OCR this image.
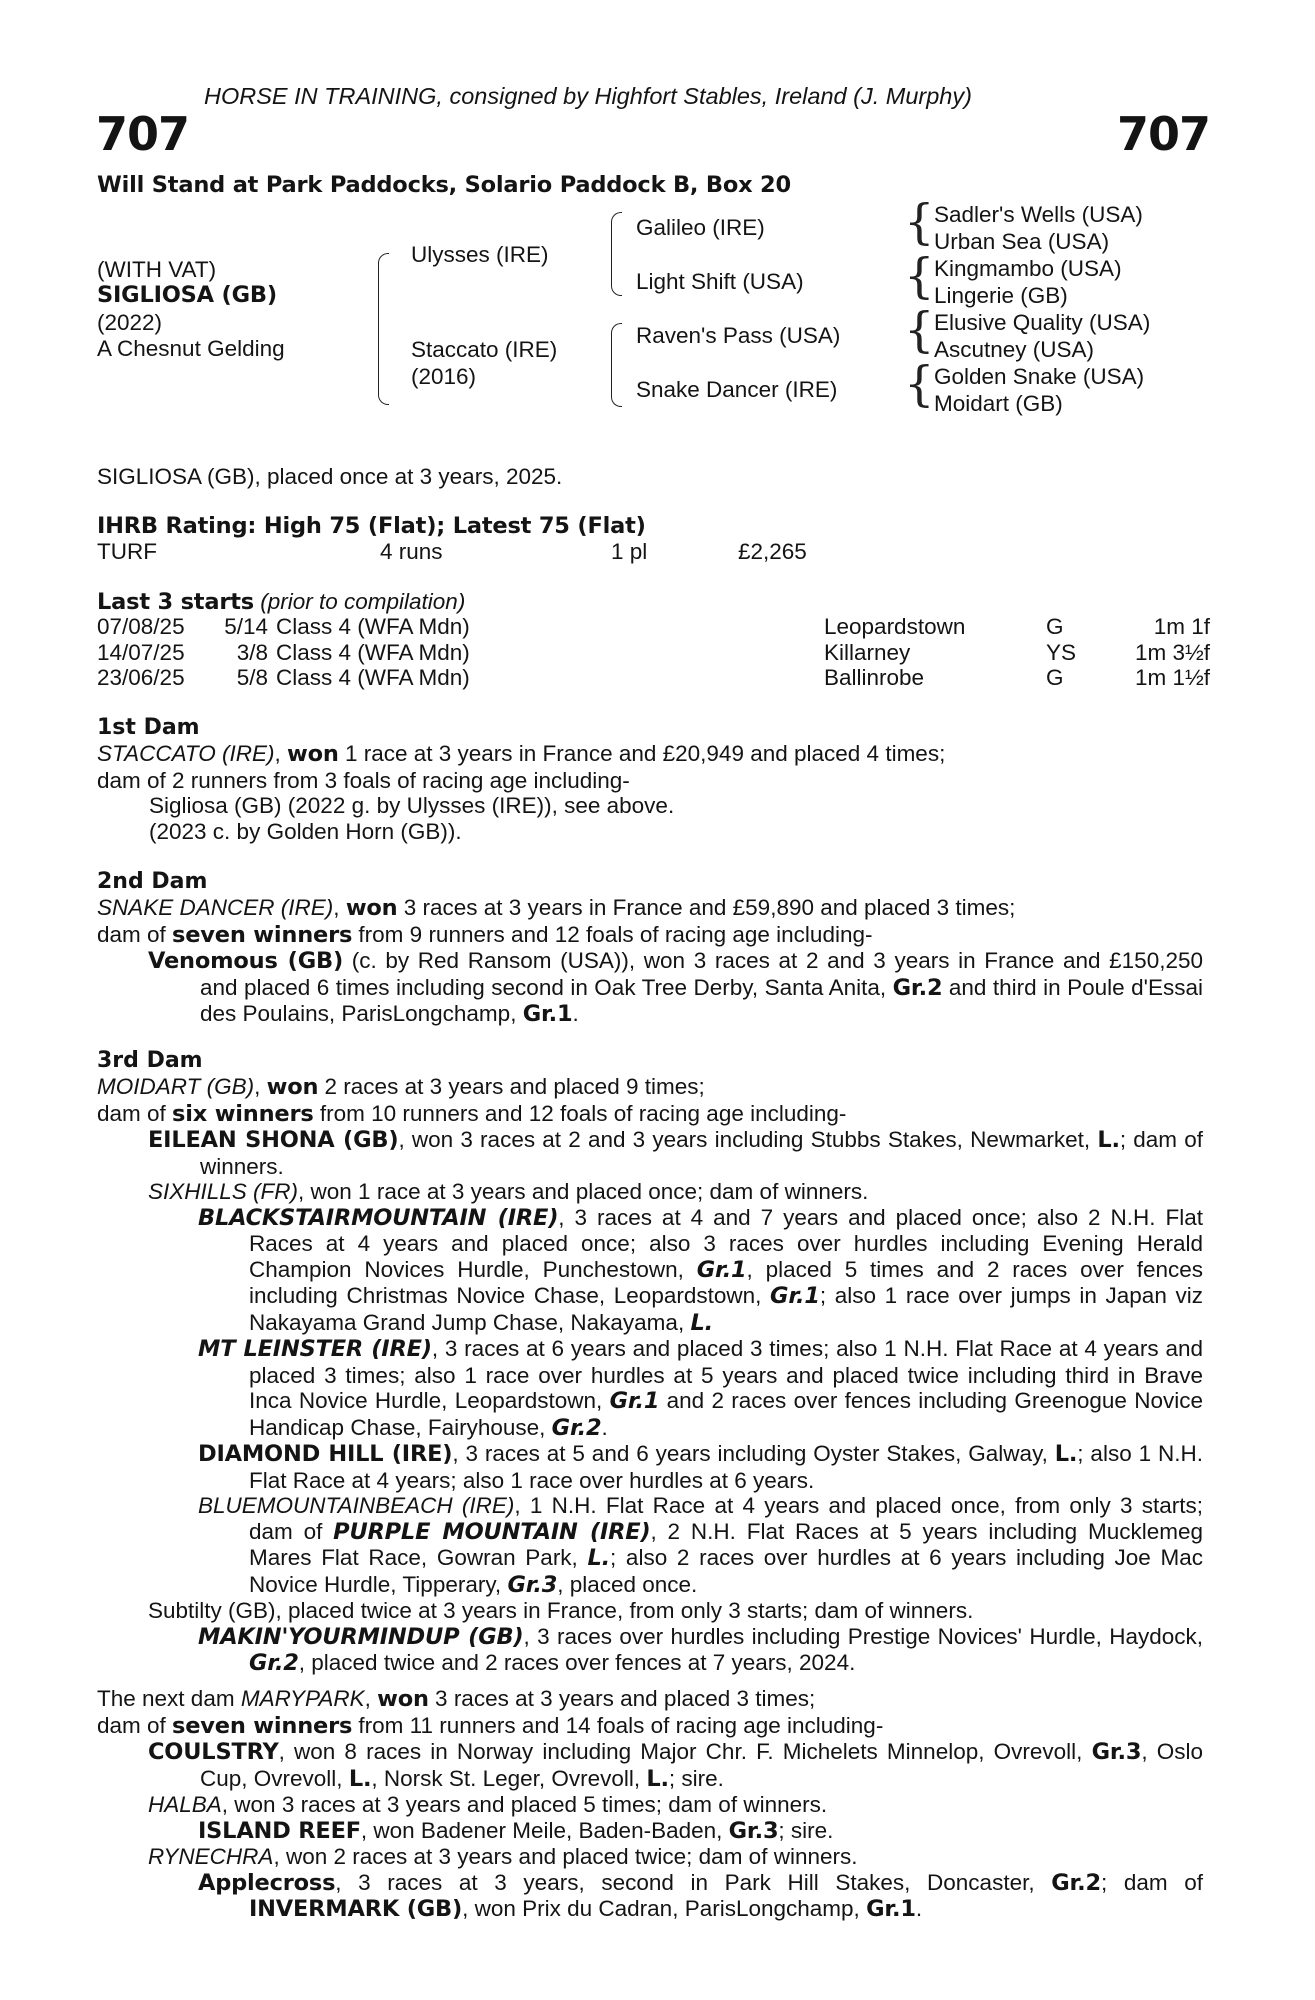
HORSE IN TRAINING, consigned by Highfort Stables, Ireland (J. Murphy)
707	707
Will Stand at Park Paddocks, Solario Paddock B, Box 20
(WITH VAT)
SIGLIOSA (GB)
(2022)
A Chesnut Gelding
Ulysses (IRE)
Staccato (IRE)
(2016)
Galileo (IRE)
Light Shift (USA)
Raven's Pass (USA)
Snake Dancer (IRE)
{
{
{
{
Sadler's Wells (USA)
Urban Sea (USA)
Kingmambo (USA)
Lingerie (GB)
Elusive Quality (USA)
Ascutney (USA)
Golden Snake (USA)
Moidart (GB)
SIGLIOSA (GB), placed once at 3 years, 2025.
IHRB Rating: High 75 (Flat); Latest 75 (Flat)
TURF	4 runs	1 pl	£2,265
Last 3 starts (prior to compilation)
07/08/25	5/14	Class 4 (WFA Mdn)	Leopardstown	G	1m 1f
14/07/25	3/8	Class 4 (WFA Mdn)	Killarney	YS	1m 3½f
23/06/25	5/8	Class 4 (WFA Mdn)	Ballinrobe	G	1m 1½f

1st Dam

STACCATO (IRE), won 1 race at 3 years in France and £20,949 and placed 4 times;

dam of 2 runners from 3 foals of racing age including-

Sigliosa (GB) (2022 g. by Ulysses (IRE)), see above.

(2023 c. by Golden Horn (GB)).

2nd Dam

SNAKE DANCER (IRE), won 3 races at 3 years in France and £59,890 and placed 3 times;

dam of seven winners from 9 runners and 12 foals of racing age including-

Venomous (GB) (c. by Red Ransom (USA)), won 3 races at 2 and 3 years in France and £150,250 and placed 6 times including second in Oak Tree Derby, Santa Anita, Gr.2 and third in Poule d'Essai des Poulains, ParisLongchamp, Gr.1.

3rd Dam

MOIDART (GB), won 2 races at 3 years and placed 9 times;

dam of six winners from 10 runners and 12 foals of racing age including-

EILEAN SHONA (GB), won 3 races at 2 and 3 years including Stubbs Stakes, Newmarket, L.; dam of winners.

SIXHILLS (FR), won 1 race at 3 years and placed once; dam of winners.

BLACKSTAIRMOUNTAIN (IRE), 3 races at 4 and 7 years and placed once; also 2 N.H. Flat Races at 4 years and placed once; also 3 races over hurdles including Evening Herald Champion Novices Hurdle, Punchestown, Gr.1, placed 5 times and 2 races over fences including Christmas Novice Chase, Leopardstown, Gr.1; also 1 race over jumps in Japan viz Nakayama Grand Jump Chase, Nakayama, L.

MT LEINSTER (IRE), 3 races at 6 years and placed 3 times; also 1 N.H. Flat Race at 4 years and placed 3 times; also 1 race over hurdles at 5 years and placed twice including third in Brave Inca Novice Hurdle, Leopardstown, Gr.1 and 2 races over fences including Greenogue Novice Handicap Chase, Fairyhouse, Gr.2.

DIAMOND HILL (IRE), 3 races at 5 and 6 years including Oyster Stakes, Galway, L.; also 1 N.H. Flat Race at 4 years; also 1 race over hurdles at 6 years.

BLUEMOUNTAINBEACH (IRE), 1 N.H. Flat Race at 4 years and placed once, from only 3 starts; dam of PURPLE MOUNTAIN (IRE), 2 N.H. Flat Races at 5 years including Mucklemeg Mares Flat Race, Gowran Park, L.; also 2 races over hurdles at 6 years including Joe Mac Novice Hurdle, Tipperary, Gr.3, placed once.

Subtilty (GB), placed twice at 3 years in France, from only 3 starts; dam of winners.

MAKIN'YOURMINDUP (GB), 3 races over hurdles including Prestige Novices' Hurdle, Haydock, Gr.2, placed twice and 2 races over fences at 7 years, 2024.

The next dam MARYPARK, won 3 races at 3 years and placed 3 times;

dam of seven winners from 11 runners and 14 foals of racing age including-

COULSTRY, won 8 races in Norway including Major Chr. F. Michelets Minnelop, Ovrevoll, Gr.3, Oslo Cup, Ovrevoll, L., Norsk St. Leger, Ovrevoll, L.; sire.

HALBA, won 3 races at 3 years and placed 5 times; dam of winners.

ISLAND REEF, won Badener Meile, Baden-Baden, Gr.3; sire.

RYNECHRA, won 2 races at 3 years and placed twice; dam of winners.

Applecross, 3 races at 3 years, second in Park Hill Stakes, Doncaster, Gr.2; dam of INVERMARK (GB), won Prix du Cadran, ParisLongchamp, Gr.1.
